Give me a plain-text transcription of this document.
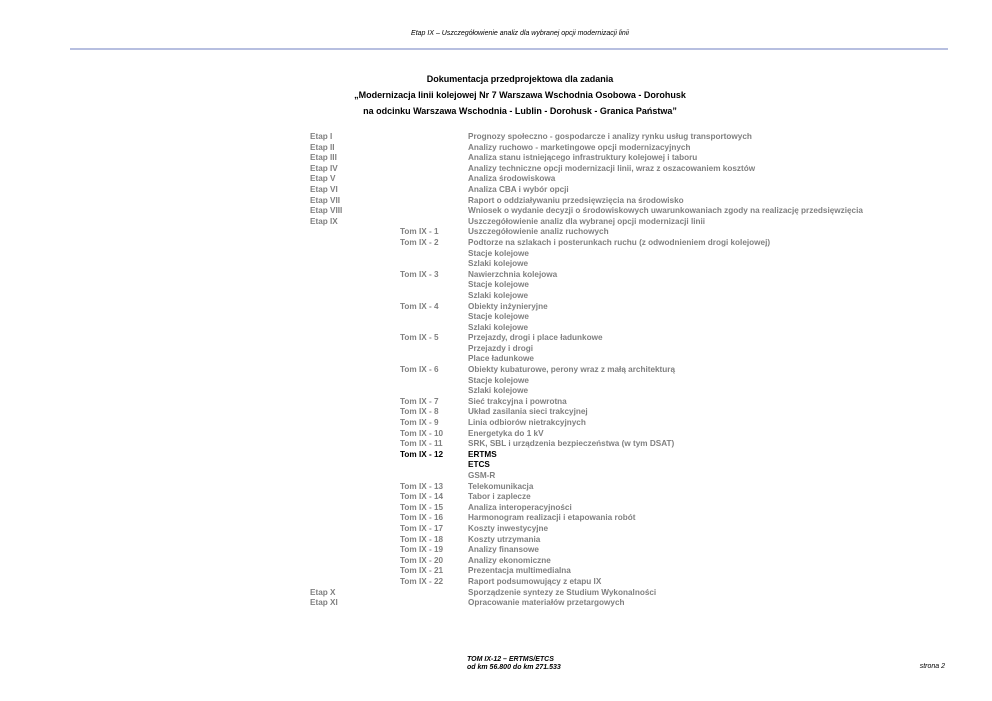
Etap IX – Uszczegółowienie analiz dla wybranej opcji modernizacji linii
Dokumentacja przedprojektowa dla zadania
„Modernizacja linii kolejowej Nr 7 Warszawa Wschodnia Osobowa - Dorohusk
na odcinku Warszawa Wschodnia - Lublin - Dorohusk - Granica Państwa”
Etap I	Prognozy społeczno - gospodarcze i analizy rynku usług transportowych
Etap II	Analizy ruchowo - marketingowe opcji modernizacyjnych
Etap III	Analiza stanu istniejącego infrastruktury kolejowej i taboru
Etap IV	Analizy techniczne opcji modernizacji linii, wraz z oszacowaniem kosztów
Etap V	Analiza środowiskowa
Etap VI	Analiza CBA i wybór opcji
Etap VII	Raport o oddziaływaniu przedsięwzięcia na środowisko
Etap VIII	Wniosek o wydanie decyzji o środowiskowych uwarunkowaniach zgody na realizację przedsięwzięcia
Etap IX	Uszczegółowienie analiz dla wybranej opcji modernizacji linii
Tom IX - 1	Uszczegółowienie analiz ruchowych
Tom IX - 2	Podtorze na szlakach i posterunkach ruchu (z odwodnieniem drogi kolejowej)
Stacje kolejowe
Szlaki kolejowe
Tom IX - 3	Nawierzchnia kolejowa
Stacje kolejowe
Szlaki kolejowe
Tom IX - 4	Obiekty inżynieryjne
Stacje kolejowe
Szlaki kolejowe
Tom IX - 5	Przejazdy, drogi i place ładunkowe
Przejazdy i drogi
Place ładunkowe
Tom IX - 6	Obiekty kubaturowe, perony wraz z małą architekturą
Stacje kolejowe
Szlaki kolejowe
Tom IX - 7	Sieć trakcyjna i powrotna
Tom IX - 8	Układ zasilania sieci trakcyjnej
Tom IX - 9	Linia odbiorów nietrakcyjnych
Tom IX - 10	Energetyka do 1 kV
Tom IX - 11	SRK, SBL i urządzenia bezpieczeństwa (w tym DSAT)
Tom IX - 12	ERTMS
ETCS
GSM-R
Tom IX - 13	Telekomunikacja
Tom IX - 14	Tabor i zaplecze
Tom IX - 15	Analiza interoperacyjności
Tom IX - 16	Harmonogram realizacji i etapowania robót
Tom IX - 17	Koszty inwestycyjne
Tom IX - 18	Koszty utrzymania
Tom IX - 19	Analizy finansowe
Tom IX - 20	Analizy ekonomiczne
Tom IX - 21	Prezentacja multimedialna
Tom IX - 22	Raport podsumowujący z etapu IX
Etap X	Sporządzenie syntezy ze Studium Wykonalności
Etap XI	Opracowanie materiałów przetargowych
TOM IX-12 – ERTMS/ETCS
od km 56.800 do km 271.533	strona 2
